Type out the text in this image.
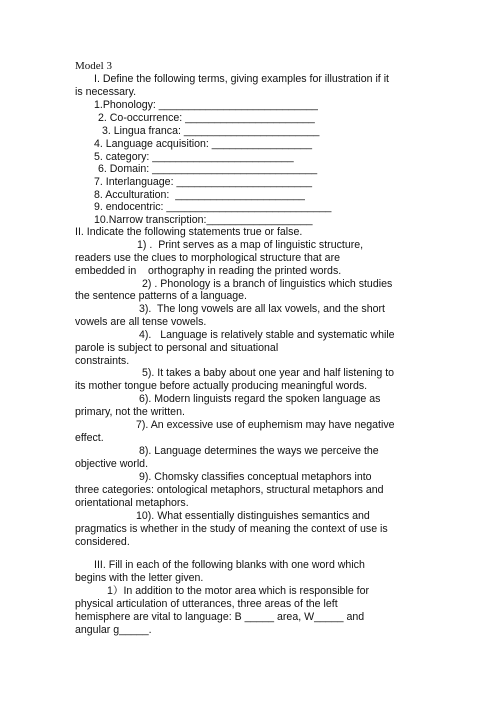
Model 3
I. Define the following terms, giving examples for illustration if it
is necessary.
1.Phonology: ___________________________
2. Co-occurrence: ______________________
3. Lingua franca: _______________________
4. Language acquisition: _________________
5. category: ________________________
6. Domain: ____________________________
7. Interlanguage: _______________________
8. Acculturation:  ______________________
9. endocentric: ____________________________
10.Narrow transcription:__________________
II. Indicate the following statements true or false.
1) .  Print serves as a map of linguistic structure,
readers use the clues to morphological structure that are
embedded in    orthography in reading the printed words.
2) . Phonology is a branch of linguistics which studies
the sentence patterns of a language.
3).  The long vowels are all lax vowels, and the short
vowels are all tense vowels.
4).   Language is relatively stable and systematic while
parole is subject to personal and situational
constraints.
5). It takes a baby about one year and half listening to
its mother tongue before actually producing meaningful words.
6). Modern linguists regard the spoken language as
primary, not the written.
7). An excessive use of euphemism may have negative
effect.
8). Language determines the ways we perceive the
objective world.
9). Chomsky classifies conceptual metaphors into
three categories: ontological metaphors, structural metaphors and
orientational metaphors.
10). What essentially distinguishes semantics and
pragmatics is whether in the study of meaning the context of use is
considered.
III. Fill in each of the following blanks with one word which
begins with the letter given.
1）In addition to the motor area which is responsible for
physical articulation of utterances, three areas of the left
hemisphere are vital to language: B _____ area, W_____ and
angular g_____.
